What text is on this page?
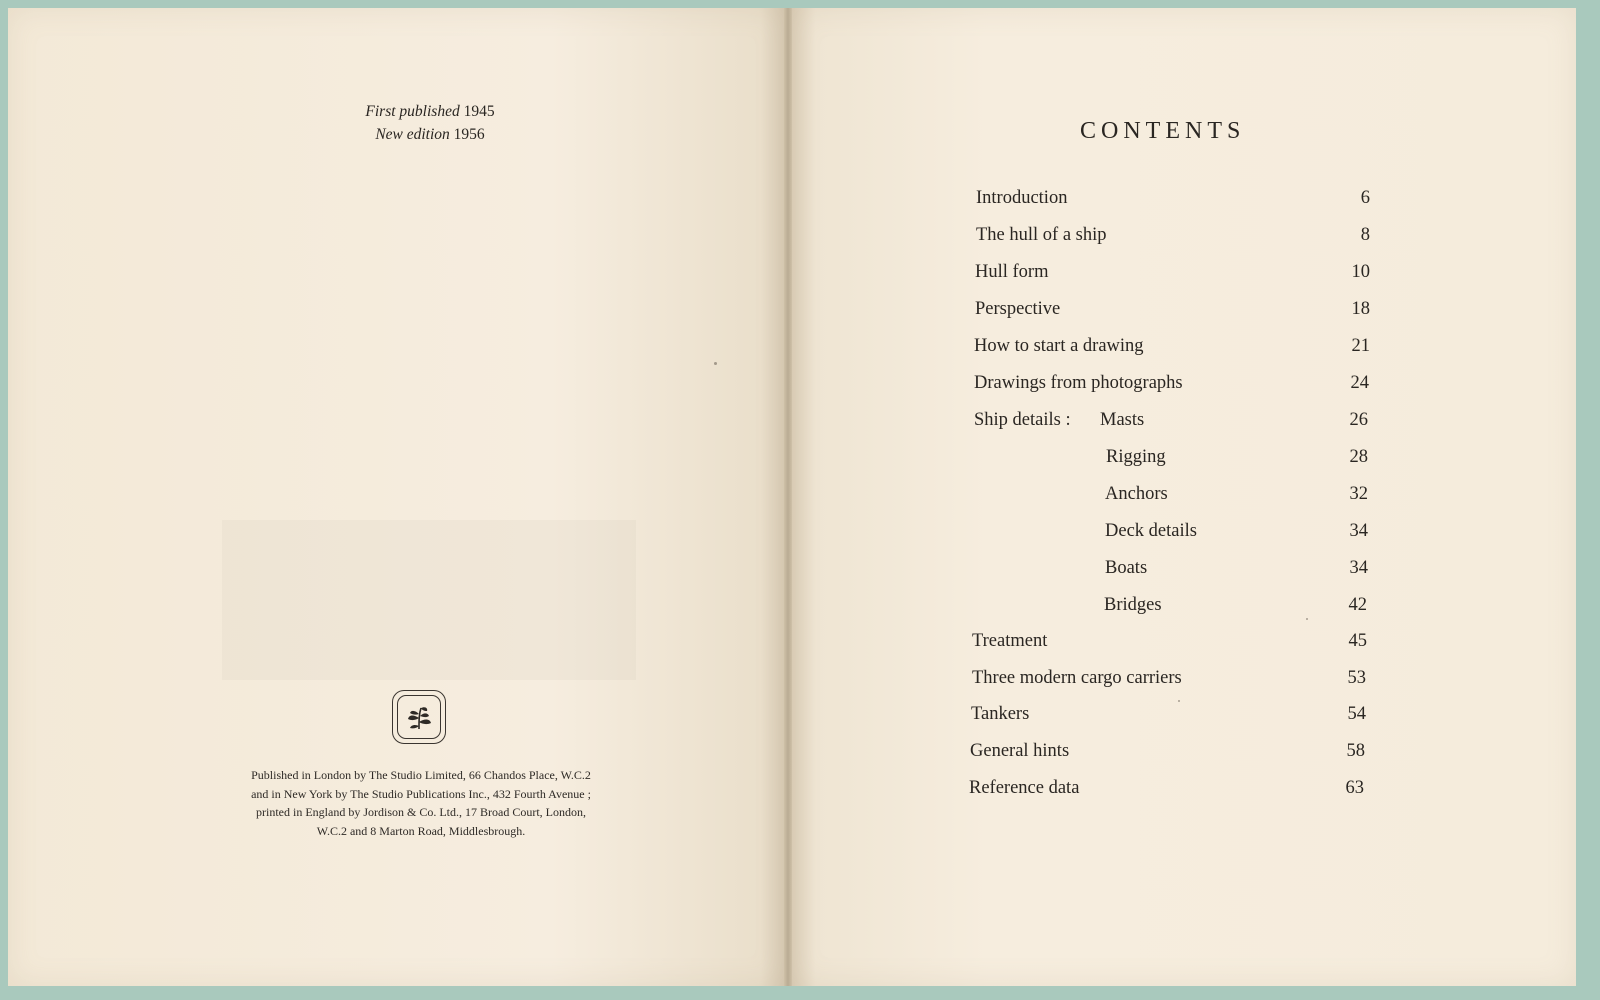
First published 1945
New edition 1956
Published in London by The Studio Limited, 66 Chandos Place, W.C.2
and in New York by The Studio Publications Inc., 432 Fourth Avenue ;
printed in England by Jordison & Co. Ltd., 17 Broad Court, London,
W.C.2 and 8 Marton Road, Middlesbrough.
CONTENTS
Introduction	6
The hull of a ship	8
Hull form	10
Perspective	18
How to start a drawing	21
Drawings from photographs	24
Ship details : Masts	26
Rigging	28
Anchors	32
Deck details	34
Boats	34
Bridges	42
Treatment	45
Three modern cargo carriers	53
Tankers	54
General hints	58
Reference data	63
